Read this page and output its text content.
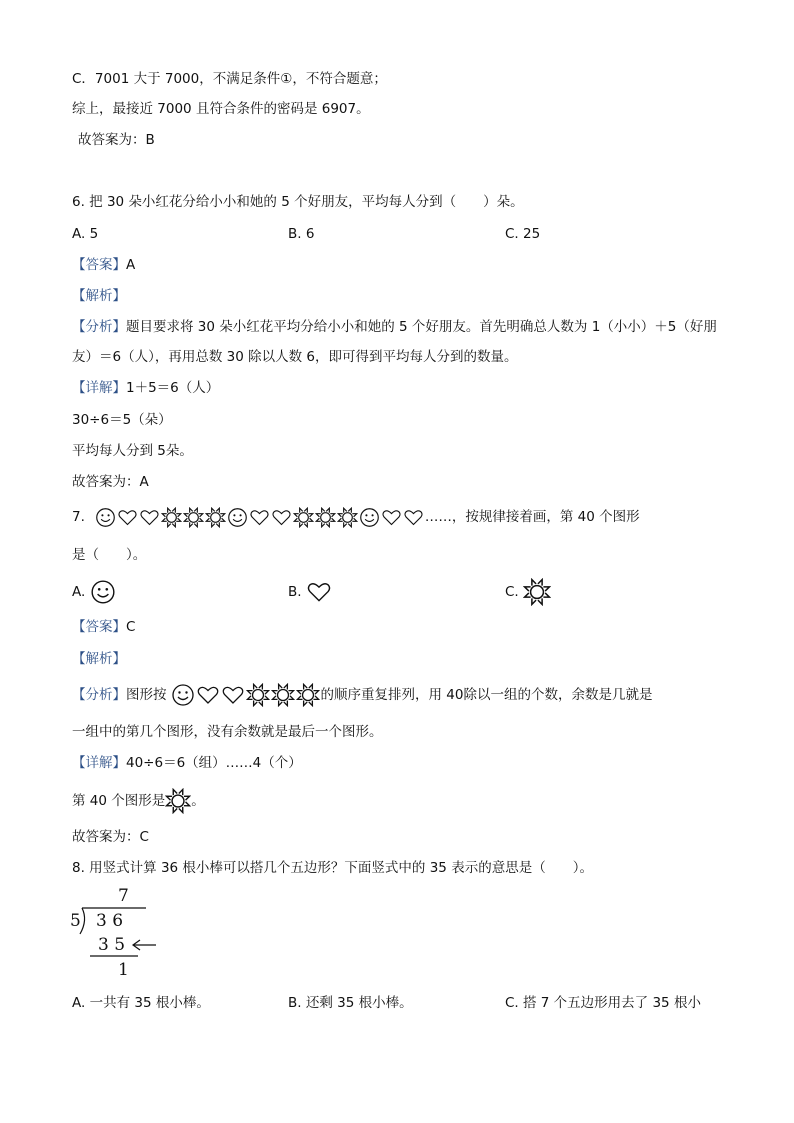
C．7001 大于 7000，不满足条件①，不符合题意；
综上，最接近 7000 且符合条件的密码是 6907。
故答案为：B
6. 把 30 朵小红花分给小小和她的 5 个好朋友，平均每人分到（　　）朵。
A. 5	B. 6	C. 25
【答案】A
【解析】
【分析】题目要求将 30 朵小红花平均分给小小和她的 5 个好朋友。首先明确总人数为 1（小小）＋5（好朋
友）＝6（人），再用总数 30 除以人数 6，即可得到平均每人分到的数量。
【详解】1＋5＝6（人）
30÷6＝5（朵）
平均每人分到 5朵。
故答案为：A
7.	……，按规律接着画，第 40 个图形
是（　　）。
A.	B.	C.
【答案】C
【解析】
【分析】图形按	的顺序重复排列，用 40除以一组的个数，余数是几就是
一组中的第几个图形，没有余数就是最后一个图形。
【详解】40÷6＝6（组）……4（个）
第 40 个图形是 。
故答案为：C
8. 用竖式计算 36 根小棒可以搭几个五边形？下面竖式中的 35 表示的意思是（　　）。
7
5 3 6
3 5
1
A. 一共有 35 根小棒。	B. 还剩 35 根小棒。	C. 搭 7 个五边形用去了 35 根小
